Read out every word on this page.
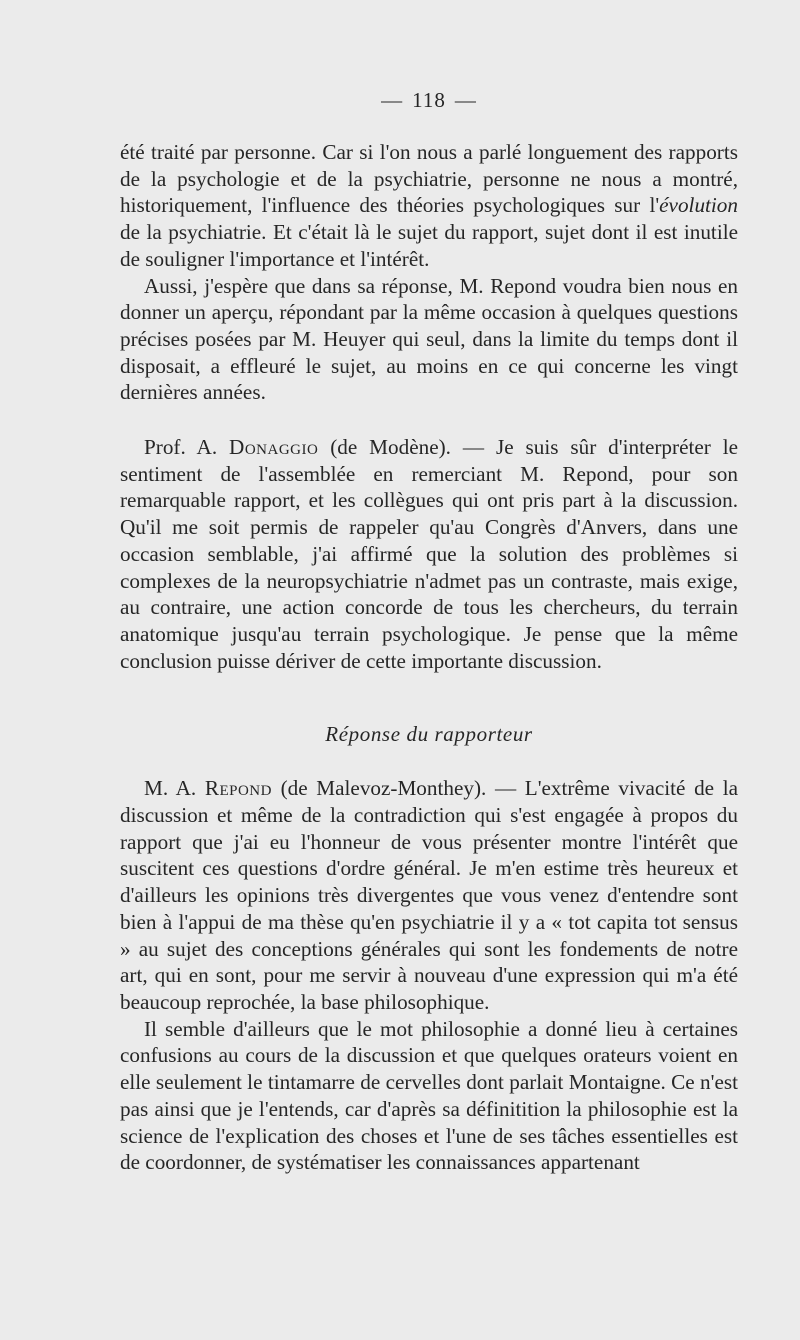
— 118 —

été traité par personne. Car si l'on nous a parlé longuement des rapports de la psychologie et de la psychiatrie, personne ne nous a montré, historiquement, l'influence des théories psychologiques sur l'évolution de la psychiatrie. Et c'était là le sujet du rapport, sujet dont il est inutile de souligner l'importance et l'intérêt.

Aussi, j'espère que dans sa réponse, M. Repond voudra bien nous en donner un aperçu, répondant par la même occasion à quelques questions précises posées par M. Heuyer qui seul, dans la limite du temps dont il disposait, a effleuré le sujet, au moins en ce qui concerne les vingt dernières années.

Prof. A. Donaggio (de Modène). — Je suis sûr d'interpréter le sentiment de l'assemblée en remerciant M. Repond, pour son remarquable rapport, et les collègues qui ont pris part à la discussion. Qu'il me soit permis de rappeler qu'au Congrès d'Anvers, dans une occasion semblable, j'ai affirmé que la solution des problèmes si complexes de la neuropsychiatrie n'admet pas un contraste, mais exige, au contraire, une action concorde de tous les chercheurs, du terrain anatomique jusqu'au terrain psychologique. Je pense que la même conclusion puisse dériver de cette importante discussion.

Réponse du rapporteur

M. A. Repond (de Malevoz-Monthey). — L'extrême vivacité de la discussion et même de la contradiction qui s'est engagée à propos du rapport que j'ai eu l'honneur de vous présenter montre l'intérêt que suscitent ces questions d'ordre général. Je m'en estime très heureux et d'ailleurs les opinions très divergentes que vous venez d'entendre sont bien à l'appui de ma thèse qu'en psychiatrie il y a « tot capita tot sensus » au sujet des conceptions générales qui sont les fondements de notre art, qui en sont, pour me servir à nouveau d'une expression qui m'a été beaucoup reprochée, la base philosophique.

Il semble d'ailleurs que le mot philosophie a donné lieu à certaines confusions au cours de la discussion et que quelques orateurs voient en elle seulement le tintamarre de cervelles dont parlait Montaigne. Ce n'est pas ainsi que je l'entends, car d'après sa définitition la philosophie est la science de l'explication des choses et l'une de ses tâches essentielles est de coordonner, de systématiser les connaissances appartenant
